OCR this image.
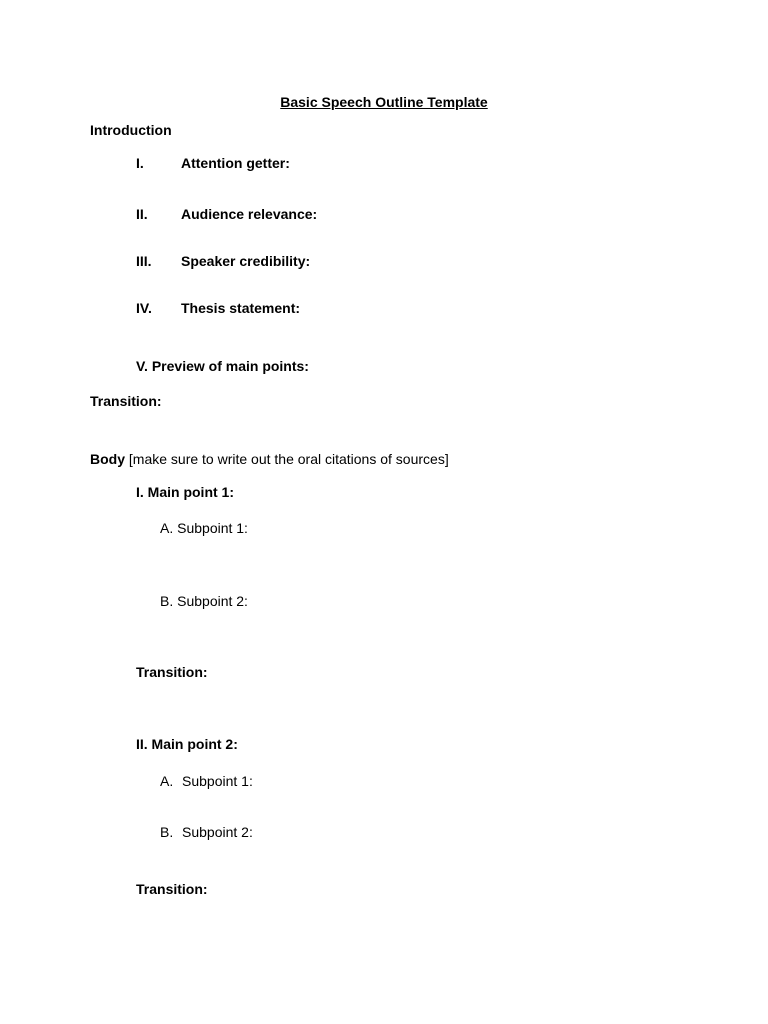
Basic Speech Outline Template
Introduction
I.	Attention getter:
II. Audience relevance:
III. Speaker credibility:
IV. Thesis statement:
V. Preview of main points:
Transition:
Body [make sure to write out the oral citations of sources]
I. Main point 1:
A. Subpoint 1:
B. Subpoint 2:
Transition:
II. Main point 2:
A. Subpoint 1:
B. Subpoint 2:
Transition:
